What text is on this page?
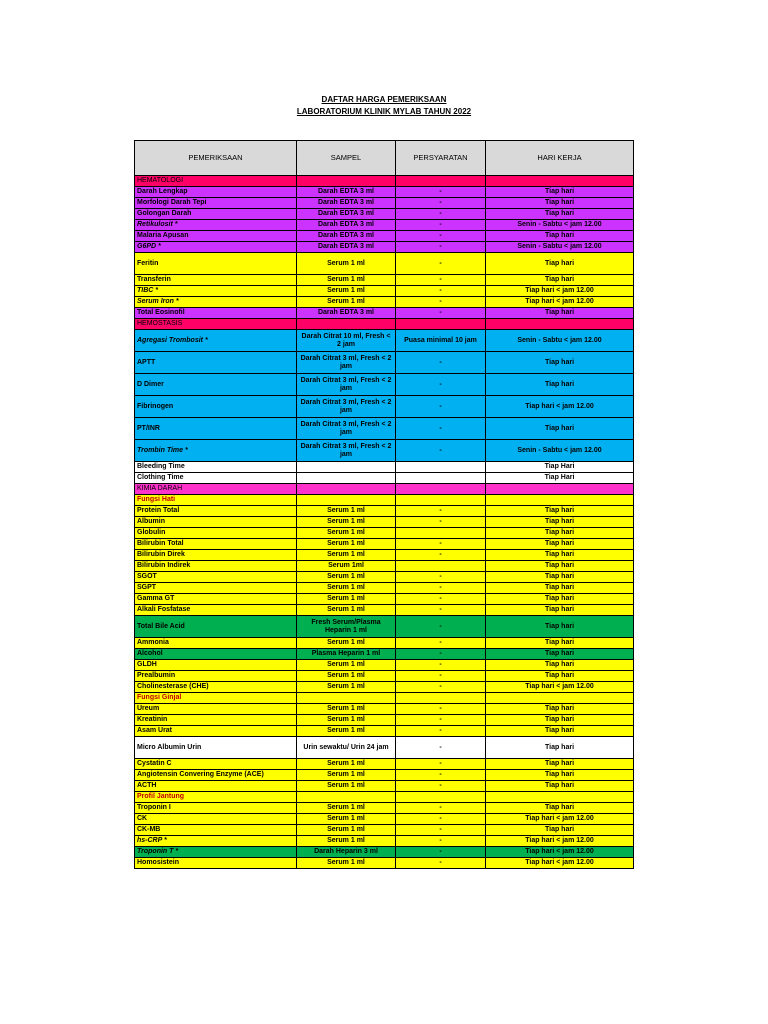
DAFTAR HARGA PEMERIKSAAN
LABORATORIUM KLINIK MYLAB TAHUN 2022
PEMERIKSAAN	SAMPEL	PERSYARATAN	HARI KERJA
HEMATOLOGI			
Darah Lengkap	Darah EDTA 3 ml	-	Tiap hari
Morfologi Darah Tepi	Darah EDTA 3 ml	-	Tiap hari
Golongan Darah	Darah EDTA 3 ml	-	Tiap hari
Retikulosit *	Darah EDTA 3 ml	-	Senin - Sabtu < jam 12.00
Malaria Apusan	Darah EDTA 3 ml	-	Tiap hari
G6PD *	Darah EDTA 3 ml	-	Senin - Sabtu < jam 12.00
Feritin	Serum 1 ml	-	Tiap hari
Transferin	Serum 1 ml	-	Tiap hari
TIBC *	Serum 1 ml	-	Tiap hari < jam 12.00
Serum Iron *	Serum 1 ml	-	Tiap hari < jam 12.00
Total Eosinofil	Darah EDTA 3 ml	-	Tiap hari
HEMOSTASIS			
Agregasi Trombosit *	Darah Citrat 10 ml, Fresh < 2 jam	Puasa minimal 10 jam	Senin - Sabtu < jam 12.00
APTT	Darah Citrat 3 ml, Fresh < 2 jam	-	Tiap hari
D Dimer	Darah Citrat 3 ml, Fresh < 2 jam	-	Tiap hari
Fibrinogen	Darah Citrat 3 ml, Fresh < 2 jam	-	Tiap hari < jam 12.00
PT/INR	Darah Citrat 3 ml, Fresh < 2 jam	-	Tiap hari
Trombin Time *	Darah Citrat 3 ml, Fresh < 2 jam	-	Senin - Sabtu < jam 12.00
Bleeding Time			Tiap Hari
Clothing Time			Tiap Hari
KIMIA DARAH			
Fungsi Hati			
Protein Total	Serum 1 ml	-	Tiap hari
Albumin	Serum 1 ml	-	Tiap hari
Globulin	Serum 1 ml		Tiap hari
Bilirubin Total	Serum 1 ml	-	Tiap hari
Bilirubin Direk	Serum 1 ml	-	Tiap hari
Bilirubin Indirek	Serum 1ml		Tiap hari
SGOT	Serum 1 ml	-	Tiap hari
SGPT	Serum 1 ml	-	Tiap hari
Gamma GT	Serum 1 ml	-	Tiap hari
Alkali Fosfatase	Serum 1 ml	-	Tiap hari
Total Bile Acid	Fresh Serum/Plasma Heparin 1 ml	-	Tiap hari
Ammonia	Serum 1 ml	-	Tiap hari
Alcohol	Plasma Heparin 1 ml	-	Tiap hari
GLDH	Serum 1 ml	-	Tiap hari
Prealbumin	Serum 1 ml	-	Tiap hari
Cholinesterase (CHE)	Serum 1 ml	-	Tiap hari < jam 12.00
Fungsi Ginjal			
Ureum	Serum 1 ml	-	Tiap hari
Kreatinin	Serum 1 ml	-	Tiap hari
Asam Urat	Serum 1 ml	-	Tiap hari
Micro Albumin Urin	Urin sewaktu/ Urin 24 jam	-	Tiap hari
Cystatin C	Serum 1 ml	-	Tiap hari
Angiotensin Convering Enzyme (ACE)	Serum 1 ml	-	Tiap hari
ACTH	Serum 1 ml	-	Tiap hari
Profil Jantung			
Troponin I	Serum 1 ml	-	Tiap hari
CK	Serum 1 ml	-	Tiap hari < jam 12.00
CK-MB	Serum 1 ml	-	Tiap hari
hs-CRP *	Serum 1 ml	-	Tiap hari < jam 12.00
Troponin T *	Darah Heparin 3 ml	-	Tiap hari < jam 12.00
Homosistein	Serum 1 ml	-	Tiap hari < jam 12.00
